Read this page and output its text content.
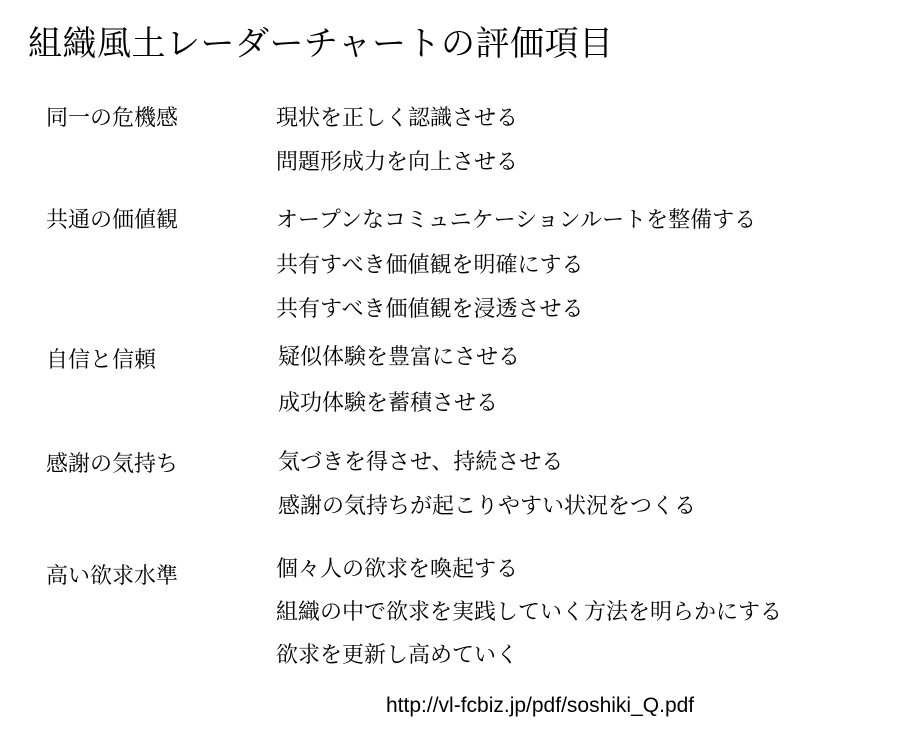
組織風土レーダーチャートの評価項目
同一の危機感	現状を正しく認識させる
問題形成力を向上させる
共通の価値観	オープンなコミュニケーションルートを整備する
共有すべき価値観を明確にする
共有すべき価値観を浸透させる
自信と信頼	疑似体験を豊富にさせる
成功体験を蓄積させる
感謝の気持ち	気づきを得させ、持続させる
感謝の気持ちが起こりやすい状況をつくる
高い欲求水準	個々人の欲求を喚起する
組織の中で欲求を実践していく方法を明らかにする
欲求を更新し高めていく
http://vl-fcbiz.jp/pdf/soshiki_Q.pdf
